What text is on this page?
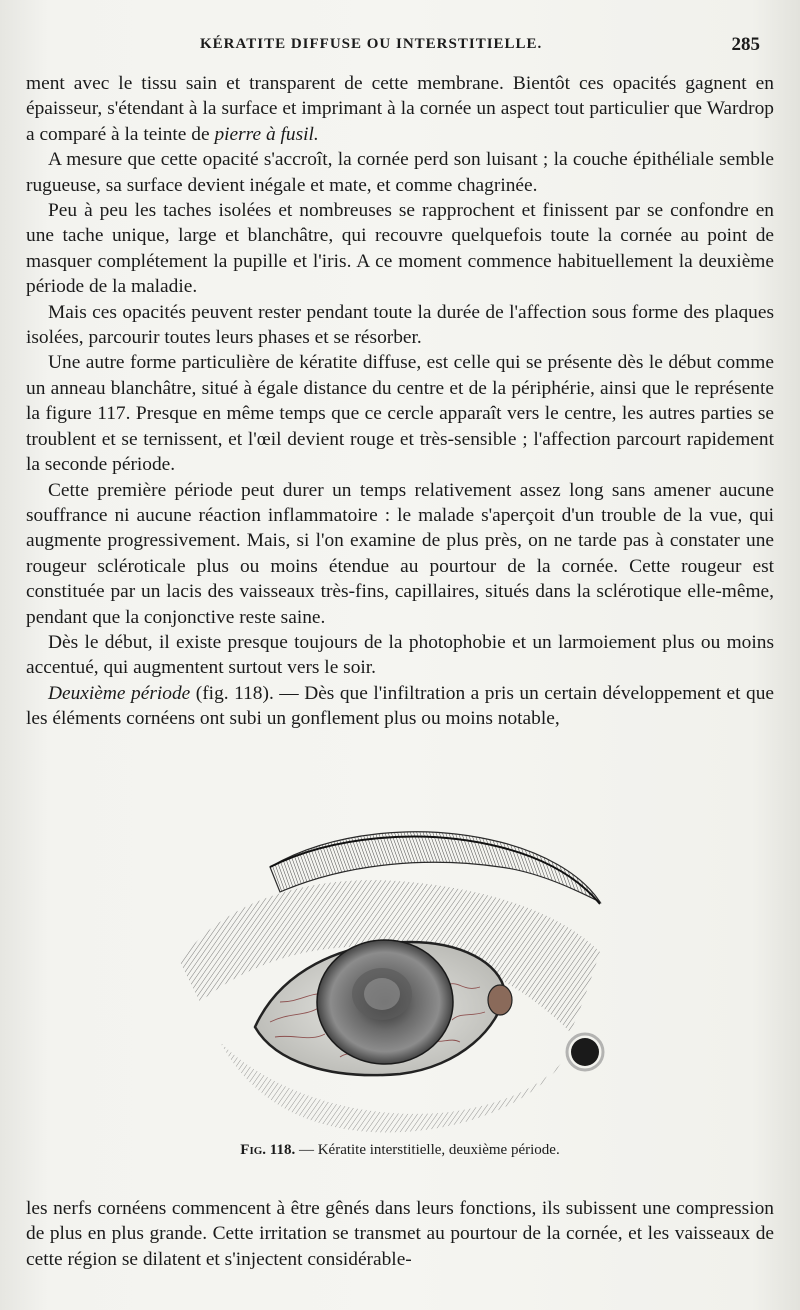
KÉRATITE DIFFUSE OU INTERSTITIELLE.	285

ment avec le tissu sain et transparent de cette membrane. Bientôt ces opacités gagnent en épaisseur, s'étendant à la surface et imprimant à la cornée un aspect tout particulier que Wardrop a comparé à la teinte de pierre à fusil.

A mesure que cette opacité s'accroît, la cornée perd son luisant ; la couche épithéliale semble rugueuse, sa surface devient inégale et mate, et comme chagrinée.

Peu à peu les taches isolées et nombreuses se rapprochent et finissent par se confondre en une tache unique, large et blanchâtre, qui recouvre quelquefois toute la cornée au point de masquer complétement la pupille et l'iris. A ce moment commence habituellement la deuxième période de la maladie.

Mais ces opacités peuvent rester pendant toute la durée de l'affection sous forme des plaques isolées, parcourir toutes leurs phases et se résorber.

Une autre forme particulière de kératite diffuse, est celle qui se présente dès le début comme un anneau blanchâtre, situé à égale distance du centre et de la périphérie, ainsi que le représente la figure 117. Presque en même temps que ce cercle apparaît vers le centre, les autres parties se troublent et se ternissent, et l'œil devient rouge et très-sensible ; l'affection parcourt rapidement la seconde période.

Cette première période peut durer un temps relativement assez long sans amener aucune souffrance ni aucune réaction inflammatoire : le malade s'aperçoit d'un trouble de la vue, qui augmente progressivement. Mais, si l'on examine de plus près, on ne tarde pas à constater une rougeur scléroticale plus ou moins étendue au pourtour de la cornée. Cette rougeur est constituée par un lacis des vaisseaux très-fins, capillaires, situés dans la sclérotique elle-même, pendant que la conjonctive reste saine.

Dès le début, il existe presque toujours de la photophobie et un larmoiement plus ou moins accentué, qui augmentent surtout vers le soir.

Deuxième période (fig. 118). — Dès que l'infiltration a pris un certain développement et que les éléments cornéens ont subi un gonflement plus ou moins notable,

Fig. 118. — Kératite interstitielle, deuxième période.

les nerfs cornéens commencent à être gênés dans leurs fonctions, ils subissent une compression de plus en plus grande. Cette irritation se transmet au pourtour de la cornée, et les vaisseaux de cette région se dilatent et s'injectent considérable-
